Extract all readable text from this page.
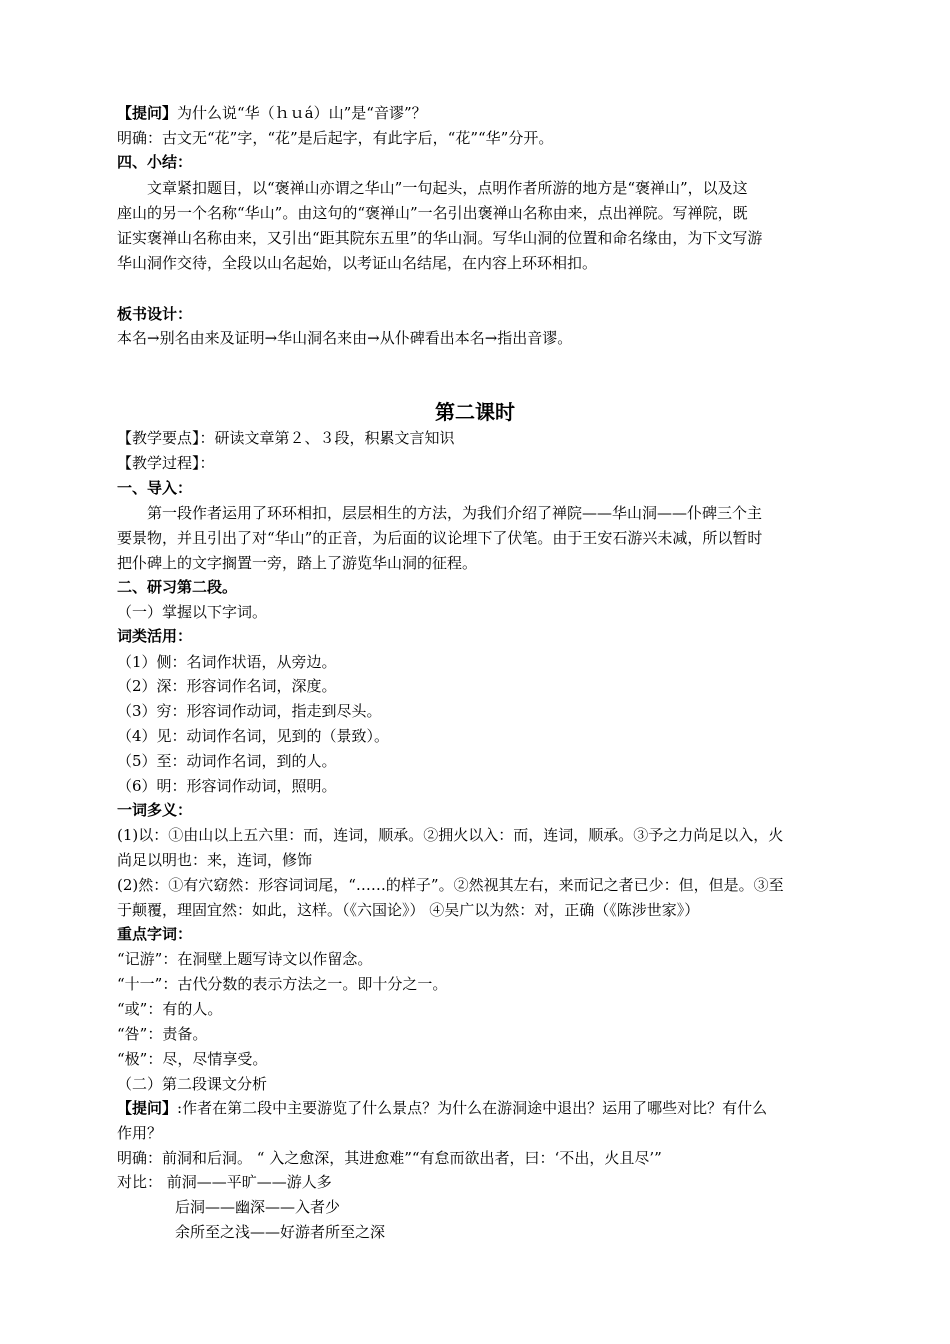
【提问】为什么说“华（ｈｕá）山”是“音谬”？
明确：古文无“花”字，“花”是后起字，有此字后，“花”“华”分开。
四、小结：
文章紧扣题目，以“褒禅山亦谓之华山”一句起头，点明作者所游的地方是“褒禅山”，以及这
座山的另一个名称“华山”。由这句的“褒禅山”一名引出褒禅山名称由来，点出禅院。写禅院，既
证实褒禅山名称由来，又引出“距其院东五里”的华山洞。写华山洞的位置和命名缘由，为下文写游
华山洞作交待，全段以山名起始，以考证山名结尾，在内容上环环相扣。
板书设计：
本名→别名由来及证明→华山洞名来由→从仆碑看出本名→指出音谬。
第二课时
【教学要点】：研读文章第２、３段，积累文言知识
【教学过程】：
一、导入：
第一段作者运用了环环相扣，层层相生的方法，为我们介绍了禅院——华山洞——仆碑三个主
要景物，并且引出了对“华山”的正音，为后面的议论埋下了伏笔。由于王安石游兴未减，所以暂时
把仆碑上的文字搁置一旁，踏上了游览华山洞的征程。
二、研习第二段。
（一）掌握以下字词。
词类活用：
（1）侧：名词作状语，从旁边。
（2）深：形容词作名词，深度。
（3）穷：形容词作动词，指走到尽头。
（4）见：动词作名词，见到的（景致）。
（5）至：动词作名词，到的人。
（6）明：形容词作动词，照明。
一词多义：
(1)以：①由山以上五六里：而，连词，顺承。②拥火以入：而，连词，顺承。③予之力尚足以入，火
尚足以明也：来，连词，修饰
(2)然：①有穴窈然：形容词词尾，“……的样子”。②然视其左右，来而记之者已少：但，但是。③至
于颠覆，理固宜然：如此，这样。（《六国论》） ④吴广以为然：对，正确（《陈涉世家》）
重点字词：
“记游”：在洞壁上题写诗文以作留念。
“十一”：古代分数的表示方法之一。即十分之一。
“或”：有的人。
“咎”：责备。
“极”：尽，尽情享受。
（二）第二段课文分析
【提问】:作者在第二段中主要游览了什么景点？为什么在游洞途中退出？运用了哪些对比？有什么
作用？
明确：前洞和后洞。 “ 入之愈深，其进愈难”“有怠而欲出者，曰：‘不出，火且尽’”
对比： 前洞——平旷——游人多
后洞——幽深——入者少
余所至之浅——好游者所至之深
